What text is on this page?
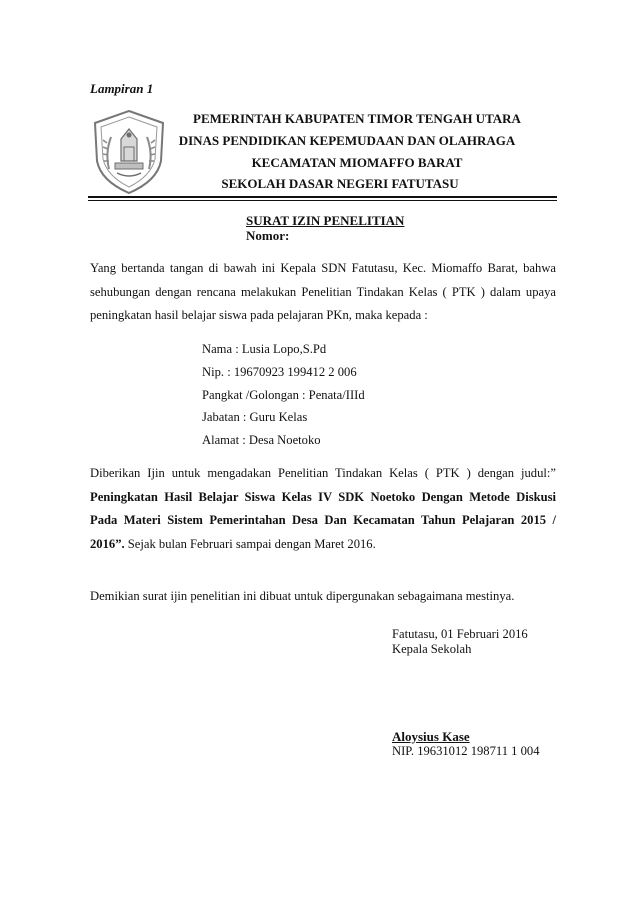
Lampiran 1
PEMERINTAH KABUPATEN TIMOR TENGAH UTARA
DINAS PENDIDIKAN KEPEMUDAAN DAN OLAHRAGA
KECAMATAN MIOMAFFO BARAT
SEKOLAH DASAR NEGERI FATUTASU
SURAT IZIN PENELITIAN
Nomor:
Yang bertanda tangan di bawah ini Kepala SDN Fatutasu, Kec. Miomaffo Barat, bahwa
sehubungan dengan rencana melakukan Penelitian Tindakan Kelas ( PTK ) dalam upaya
peningkatan hasil belajar siswa pada pelajaran PKn, maka kepada :
Nama : Lusia Lopo,S.Pd
Nip. : 19670923 199412 2 006
Pangkat /Golongan : Penata/IIId
Jabatan : Guru Kelas
Alamat : Desa Noetoko
Diberikan Ijin untuk mengadakan Penelitian Tindakan Kelas ( PTK ) dengan judul:”
Peningkatan Hasil Belajar Siswa Kelas IV SDK Noetoko Dengan Metode Diskusi
Pada Materi Sistem Pemerintahan Desa Dan Kecamatan Tahun Pelajaran 2015 /
2016”. Sejak bulan Februari sampai dengan Maret 2016.
Demikian surat ijin penelitian ini dibuat untuk dipergunakan sebagaimana mestinya.
Fatutasu, 01 Februari 2016
Kepala Sekolah
Aloysius Kase
NIP. 19631012 198711 1 004
